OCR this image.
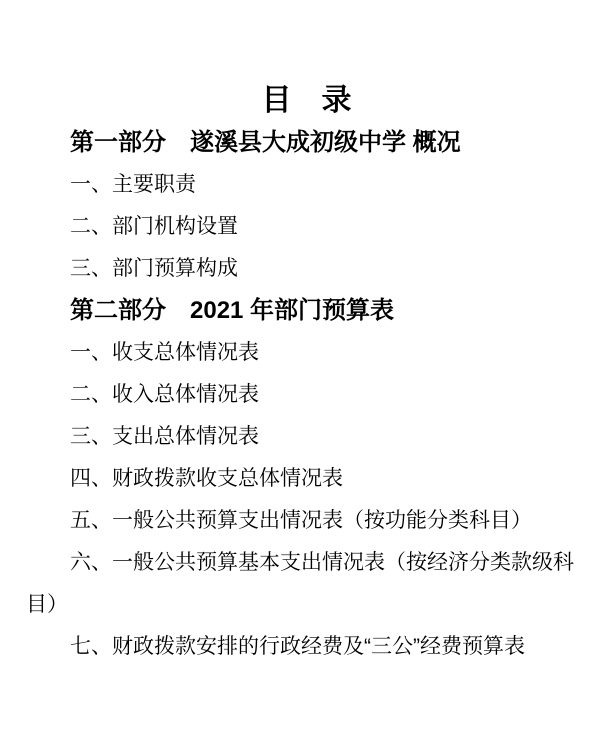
目　录

第一部分　遂溪县大成初级中学 概况

一、主要职责

二、部门机构设置

三、部门预算构成

第二部分　2021 年部门预算表

一、收支总体情况表

二、收入总体情况表

三、支出总体情况表

四、财政拨款收支总体情况表

五、一般公共预算支出情况表（按功能分类科目）

六、一般公共预算基本支出情况表（按经济分类款级科目）

七、财政拨款安排的行政经费及“三公”经费预算表
